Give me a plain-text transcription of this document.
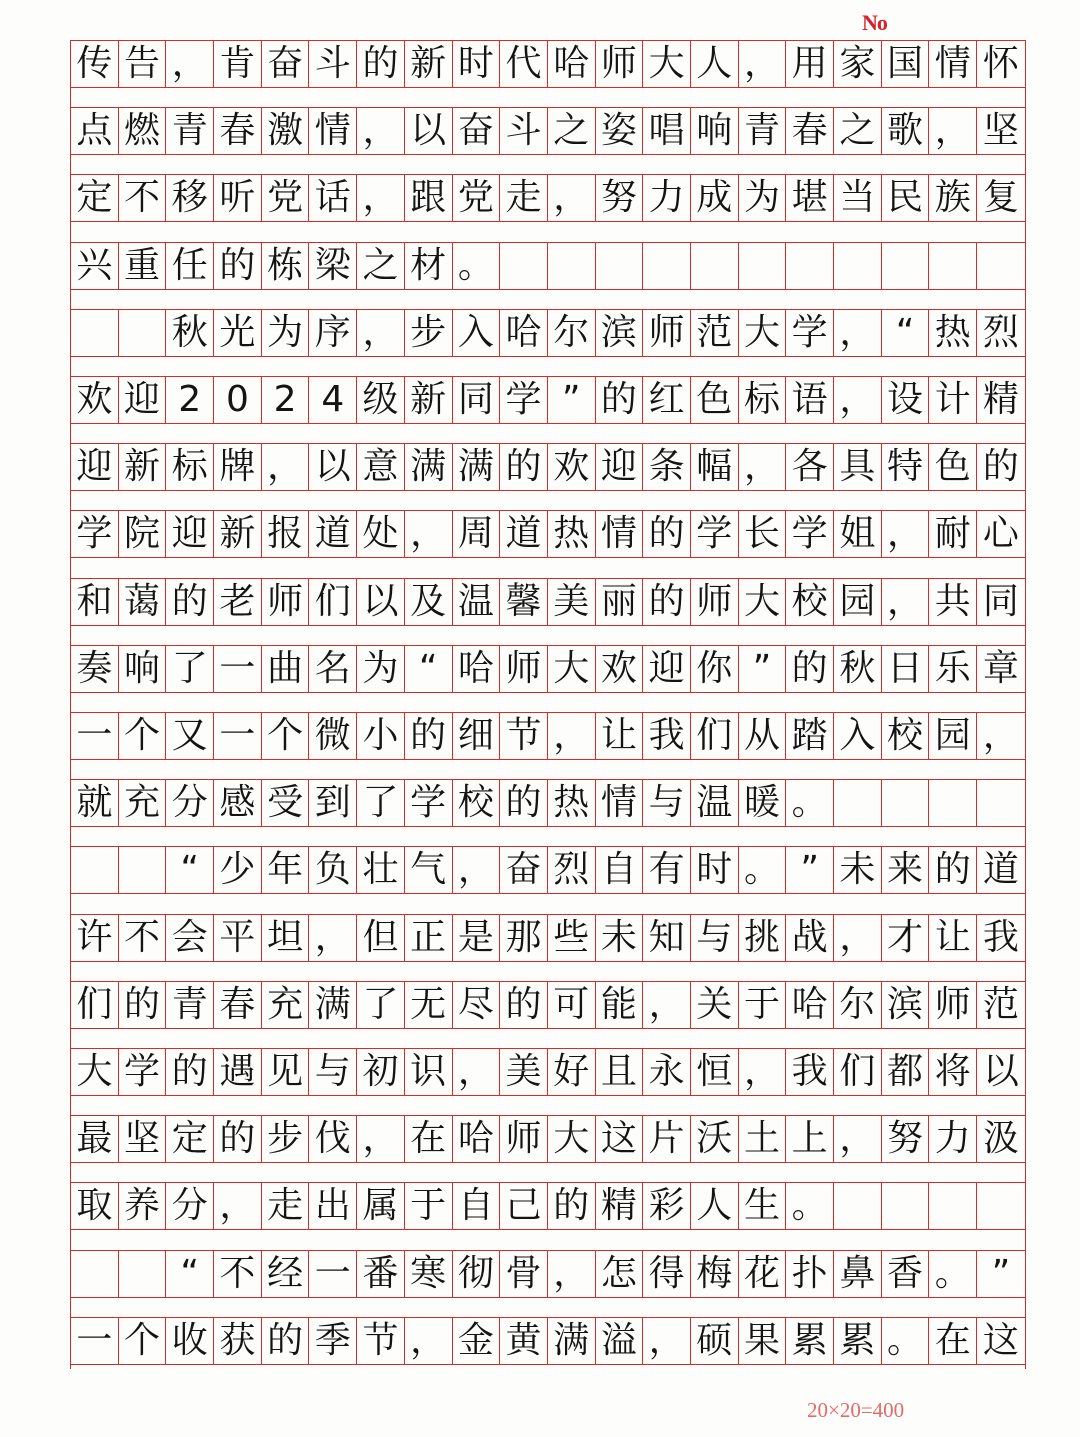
No
传 告 ， 肯 奋 斗 的 新 时 代 哈 师 大 人 ， 用 家 国 情 怀
点 燃 青 春 激 情 ， 以 奋 斗 之 姿 唱 响 青 春 之 歌 ， 坚
定 不 移 听 党 话 ， 跟 党 走 ， 努 力 成 为 堪 当 民 族 复
兴 重 任 的 栋 梁 之 材 。
秋 光 为 序 ， 步 入 哈 尔 滨 师 范 大 学 ， “ 热 烈
欢 迎 2 0 2 4 级 新 同 学 ” 的 红 色 标 语 ， 设 计 精
迎 新 标 牌 ， 以 意 满 满 的 欢 迎 条 幅 ， 各 具 特 色 的
学 院 迎 新 报 道 处 ， 周 道 热 情 的 学 长 学 姐 ， 耐 心
和 蔼 的 老 师 们 以 及 温 馨 美 丽 的 师 大 校 园 ， 共 同
奏 响 了 一 曲 名 为 “ 哈 师 大 欢 迎 你 ” 的 秋 日 乐 章
一 个 又 一 个 微 小 的 细 节 ， 让 我 们 从 踏 入 校 园 ，
就 充 分 感 受 到 了 学 校 的 热 情 与 温 暖 。
“ 少 年 负 壮 气 ， 奋 烈 自 有 时 。 ” 未 来 的 道
许 不 会 平 坦 ， 但 正 是 那 些 未 知 与 挑 战 ， 才 让 我
们 的 青 春 充 满 了 无 尽 的 可 能 ， 关 于 哈 尔 滨 师 范
大 学 的 遇 见 与 初 识 ， 美 好 且 永 恒 ， 我 们 都 将 以
最 坚 定 的 步 伐 ， 在 哈 师 大 这 片 沃 土 上 ， 努 力 汲
取 养 分 ， 走 出 属 于 自 己 的 精 彩 人 生 。
“ 不 经 一 番 寒 彻 骨 ， 怎 得 梅 花 扑 鼻 香 。 ”
一 个 收 获 的 季 节 ， 金 黄 满 溢 ， 硕 果 累 累 。 在 这
20×20=400
